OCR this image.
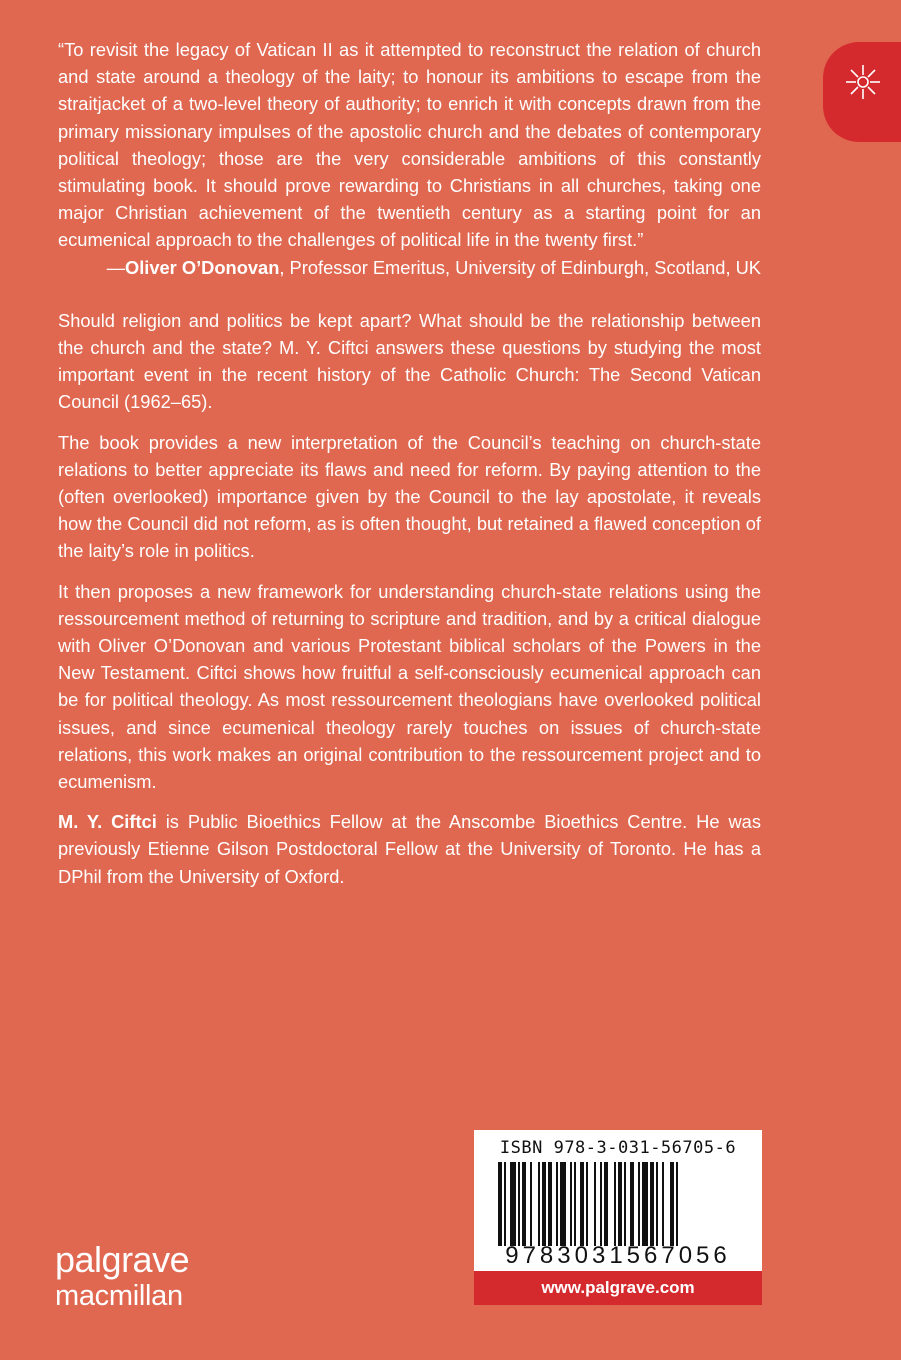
“To revisit the legacy of Vatican II as it attempted to reconstruct the relation of church and state around a theology of the laity; to honour its ambitions to escape from the straitjacket of a two-level theory of authority; to enrich it with concepts drawn from the primary missionary impulses of the apostolic church and the debates of contemporary political theology; those are the very considerable ambitions of this constantly stimulating book. It should prove rewarding to Christians in all churches, taking one major Christian achievement of the twentieth century as a starting point for an ecumenical approach to the challenges of political life in the twenty first.”

—Oliver O’Donovan, Professor Emeritus, University of Edinburgh, Scotland, UK

Should religion and politics be kept apart? What should be the relationship between the church and the state? M. Y. Ciftci answers these questions by studying the most important event in the recent history of the Catholic Church: The Second Vatican Council (1962–65).

The book provides a new interpretation of the Council’s teaching on church-state relations to better appreciate its flaws and need for reform. By paying attention to the (often overlooked) importance given by the Council to the lay apostolate, it reveals how the Council did not reform, as is often thought, but retained a flawed conception of the laity’s role in politics.

It then proposes a new framework for understanding church-state relations using the ressourcement method of returning to scripture and tradition, and by a critical dialogue with Oliver O’Donovan and various Protestant biblical scholars of the Powers in the New Testament. Ciftci shows how fruitful a self-consciously ecumenical approach can be for political theology. As most ressourcement theologians have overlooked political issues, and since ecumenical theology rarely touches on issues of church-state relations, this work makes an original contribution to the ressourcement project and to ecumenism.

M. Y. Ciftci is Public Bioethics Fellow at the Anscombe Bioethics Centre. He was previously Etienne Gilson Postdoctoral Fellow at the University of Toronto. He has a DPhil from the University of Oxford.

ISBN 978-3-031-56705-6
9783031567056
www.palgrave.com
palgrave
macmillan
